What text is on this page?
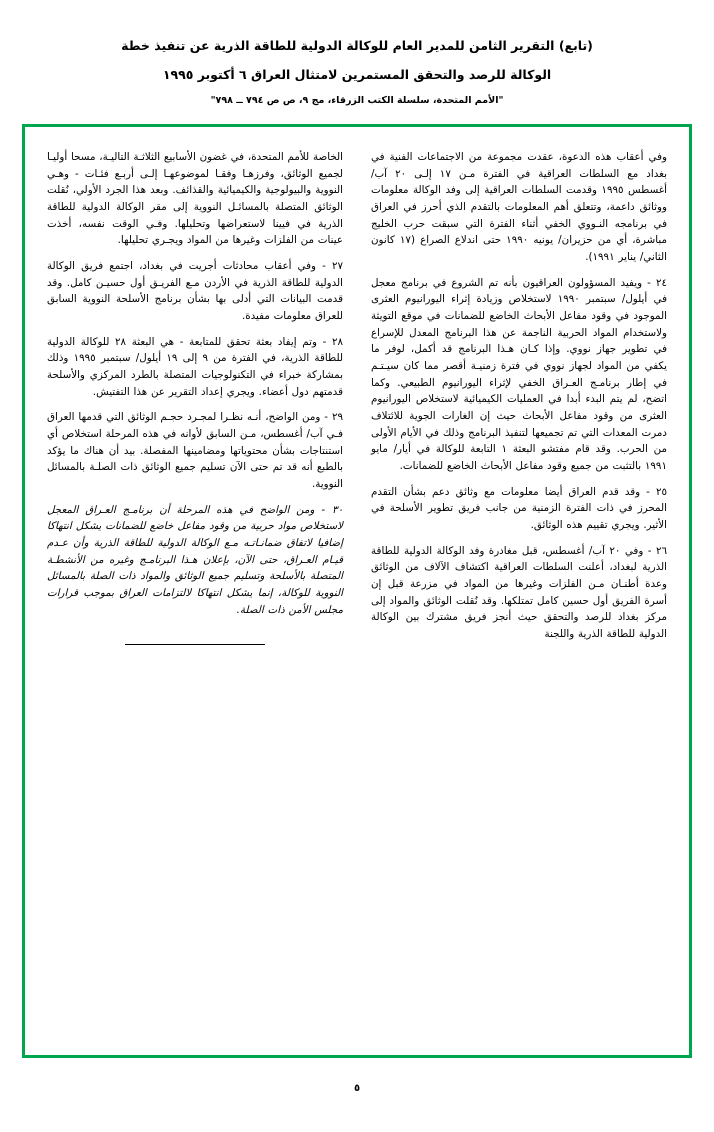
(تابع) التقرير الثامن للمدير العام للوكالة الدولية للطاقة الذرية عن تنفيذ خطة
الوكالة للرصد والتحقق المستمرين لامتثال العراق ٦ أكتوبر ١٩٩٥
"الأمم المتحدة، سلسلة الكتب الزرقاء، مج ٩، ص ص ٧٩٤ ــ ٧٩٨"

وفي أعقاب هذه الدعوة، عقدت مجموعة من الاجتماعات الفنية في بغداد مع السلطات العراقية في الفترة مـن ١٧ إلـى ٢٠ آب/ أغسطس ١٩٩٥ وقدمت السلطات العراقية إلى وفد الوكالة معلومات ووثائق داعمة، وتتعلق أهم المعلومات بالتقدم الذي أحرز في العراق في برنامجه النـووي الخفي أثناء الفترة التي سبقت حرب الخليج مباشرة، أي من حزيران/ يونيه ١٩٩٠ حتى اندلاع الصراع (١٧ كانون الثاني/ يناير ١٩٩١).

٢٤ - ويفيد المسؤولون العراقيون بأنه تم الشروع في برنامج معجل في أيلول/ سبتمبر ١٩٩٠ لاستخلاص وزيادة إثراء اليورانيوم العثرى الموجود في وقود مفاعل الأبحاث الخاضع للضمانات في موقع التويثة ولاستخدام المواد الحربية الناجمة عن هذا البرنامج المعدل للإسراع في تطوير جهاز نووي. وإذا كـان هـذا البرنامج قد أكمل، لوفر ما يكفي من المواد لجهاز نووي في فترة زمنيـة أقصر مما كان سيـتـم في إطار برنامـج العـراق الخفي لإثراء اليورانيوم الطبيعي. وكما اتضح، لم يتم البدء أبدا في العمليات الكيميائية لاستخلاص اليورانيوم العثرى من وقود مفاعل الأبحاث حيث إن الغارات الجوية للائتلاف دمرت المعدات التي تم تجميعها لتنفيذ البرنامج وذلك في الأيام الأولى من الحرب. وقد قام مفتشو البعثة ١ التابعة للوكالة في أيار/ مايو ١٩٩١ بالتثبت من جميع وقود مفاعل الأبحاث الخاضع للضمانات.

٢٥ - وقد قدم العراق أيضا معلومات مع وثائق دعم بشأن التقدم المحرز في ذات الفترة الزمنية من جانب فريق تطوير الأسلحة في الأثير. ويجري تقييم هذه الوثائق.

٢٦ - وفي ٢٠ آب/ أغسطس، قبل مغادرة وفد الوكالة الدولية للطاقة الذرية لبغداد، أعلنت السلطات العراقية اكتشاف الآلاف من الوثائق وعدة أطنـان مـن الفلزات وغيرها من المواد في مزرعة قبل إن أسرة الفريق أول حسين كامل تمتلكها. وقد نُقلت الوثائق والمواد إلى مركز بغداد للرصد والتحقق حيث أنجز فريق مشترك بين الوكالة الدولية للطاقة الذرية واللجنة

الخاصة للأمم المتحدة، في غضون الأسابيع الثلاثـة التاليـة، مسحا أوليـا لجميع الوثائق، وفرزهـا وفقـا لموضوعهـا إلـى أربـع فئـات - وهـي النووية والبيولوجية والكيميائية والقذائف. وبعد هذا الجرد الأولي، نُقلت الوثائق المتصلة بالمسائـل النووية إلى مقر الوكالة الدولية للطاقة الذرية في فيينا لاستعراضها وتحليلها. وفـي الوقت نفسه، أخذت عينات من الفلزات وغيرها من المواد ويجـري تحليلها.

٢٧ - وفي أعقاب محادثات أجريت في بغداد، اجتمع فريق الوكالة الدولية للطاقة الذرية في الأردن مـع الفريـق أول حسيـن كامل. وقد قدمت البيانات التي أدلى بها بشأن برنامج الأسلحة النووية السابق للعراق معلومات مفيدة.

٢٨ - وتم إيفاد بعثة تحقق للمتابعة - هي البعثة ٢٨ للوكالة الدولية للطاقة الذرية، في الفترة من ٩ إلى ١٩ أيلول/ سبتمبر ١٩٩٥ وذلك بمشاركة خبراء في التكنولوجيات المتصلة بالطرد المركزي والأسلحة قدمتهم دول أعضاء. ويجري إعداد التقرير عن هذا التفتيش.

٢٩ - ومن الواضح، أنـه نظـرا لمجـرد حجـم الوثائق التي قدمها العراق فـي آب/ أغسطس، مـن السابق لأوانه في هذه المرحلة استخلاص أي استنتاجات بشأن محتوياتها ومضامينها المفصلة. بيد أن هناك ما يؤكد بالطبع أنه قد تم حتى الآن تسليم جميع الوثائق ذات الصلـة بالمسائل النووية.

٣٠ - ومن الواضح في هذه المرحلة أن برنامـج العـراق المعجل لاستخلاص مواد حربية من وقود مفاعل خاضع للضمانات يشكل انتهاكا إضافيا لاتفاق ضمانـاتـه مـع الوكالة الدولية للطاقة الذرية وأن عـدم قيـام العـراق، حتى الآن، بإعلان هـذا البرنامـج وغيره من الأنشطـة المتصلة بالأسلحة وتسليم جميع الوثائق والمواد ذات الصلة بالمسائل النووية للوكالة، إنما يشكل انتهاكا لالتزامات العراق بموجب قرارات مجلس الأمن ذات الصلة.

٥
